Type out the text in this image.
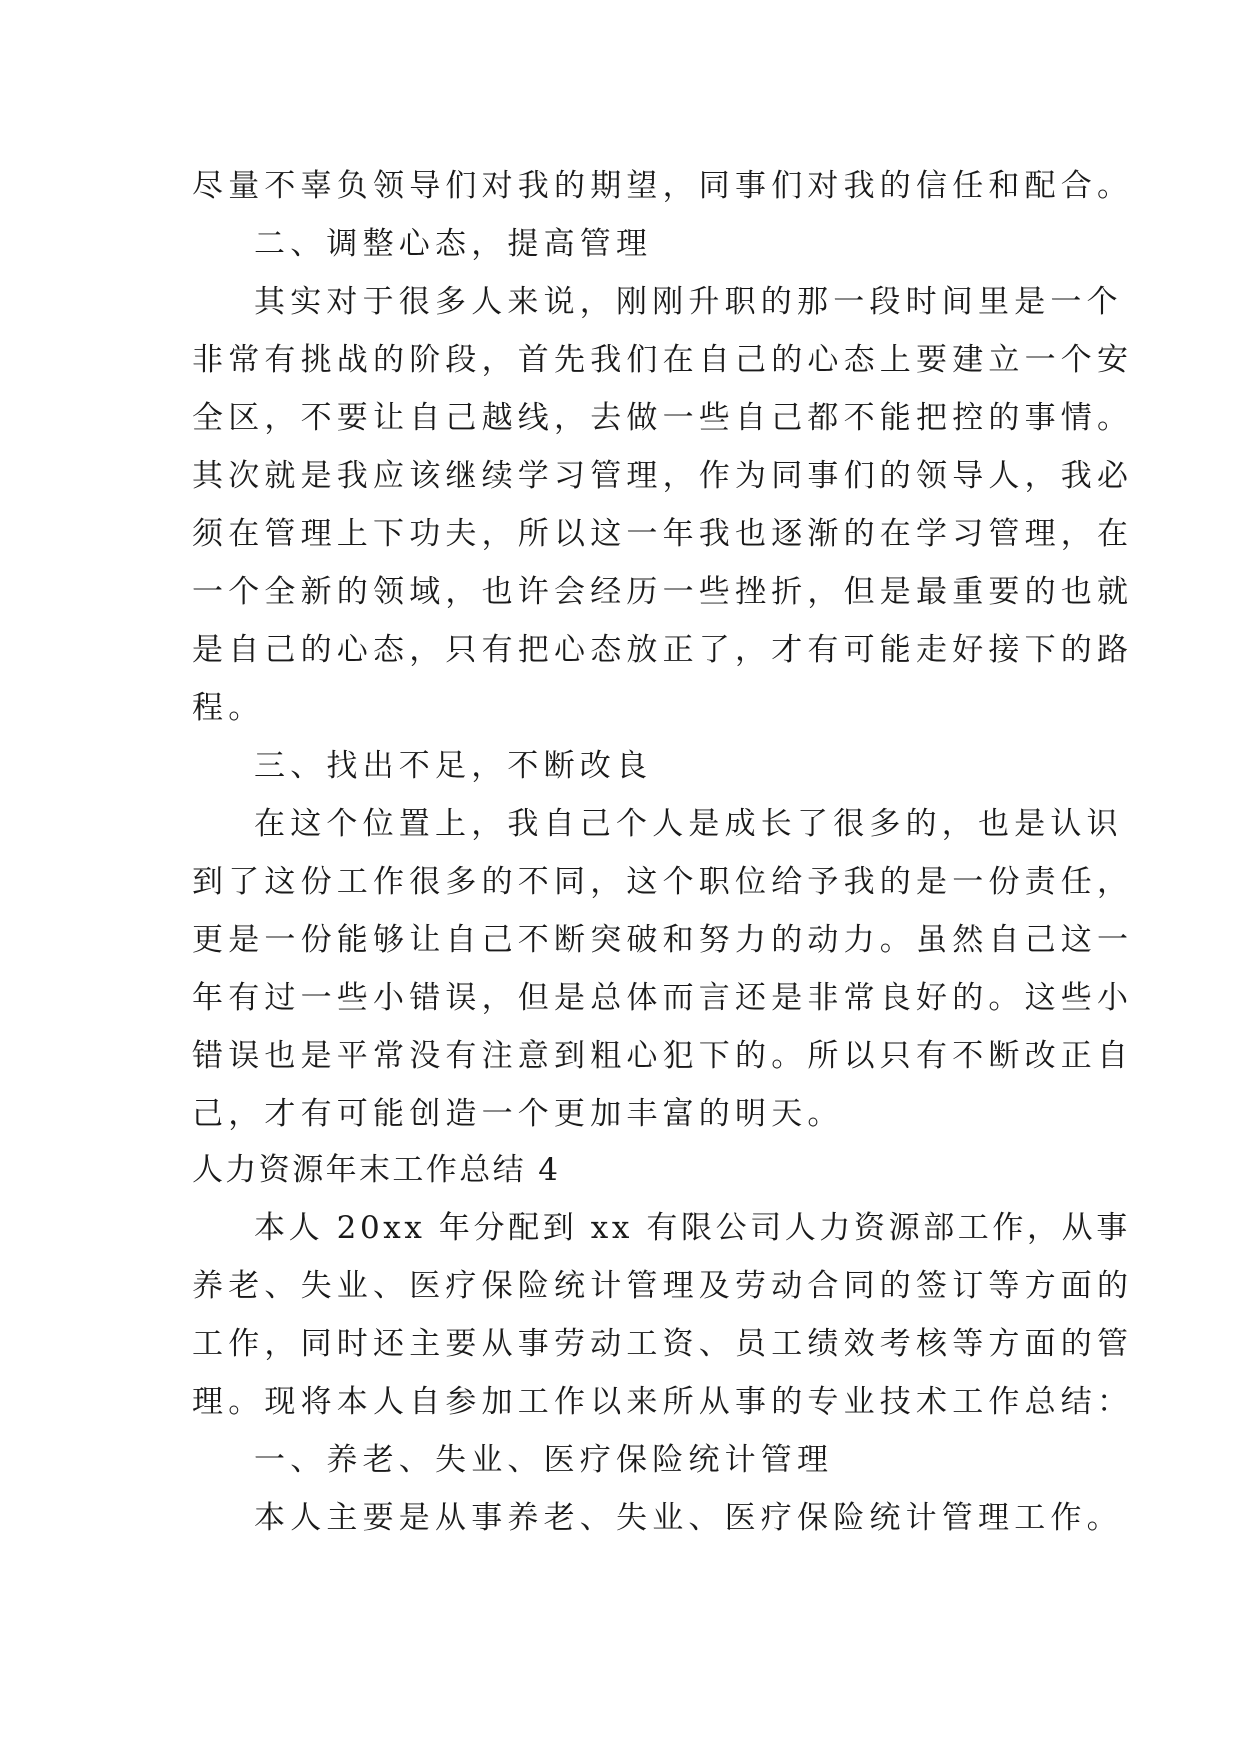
尽量不辜负领导们对我的期望，同事们对我的信任和配合。
二、调整心态，提高管理
其实对于很多人来说，刚刚升职的那一段时间里是一个
非常有挑战的阶段，首先我们在自己的心态上要建立一个安
全区，不要让自己越线，去做一些自己都不能把控的事情。
其次就是我应该继续学习管理，作为同事们的领导人，我必
须在管理上下功夫，所以这一年我也逐渐的在学习管理，在
一个全新的领域，也许会经历一些挫折，但是最重要的也就
是自己的心态，只有把心态放正了，才有可能走好接下的路
程。
三、找出不足，不断改良
在这个位置上，我自己个人是成长了很多的，也是认识
到了这份工作很多的不同，这个职位给予我的是一份责任，
更是一份能够让自己不断突破和努力的动力。虽然自己这一
年有过一些小错误，但是总体而言还是非常良好的。这些小
错误也是平常没有注意到粗心犯下的。所以只有不断改正自
己，才有可能创造一个更加丰富的明天。
人力资源年末工作总结 4
本人 20xx 年分配到 xx 有限公司人力资源部工作，从事
养老、失业、医疗保险统计管理及劳动合同的签订等方面的
工作，同时还主要从事劳动工资、员工绩效考核等方面的管
理。现将本人自参加工作以来所从事的专业技术工作总结：
一、养老、失业、医疗保险统计管理
本人主要是从事养老、失业、医疗保险统计管理工作。
